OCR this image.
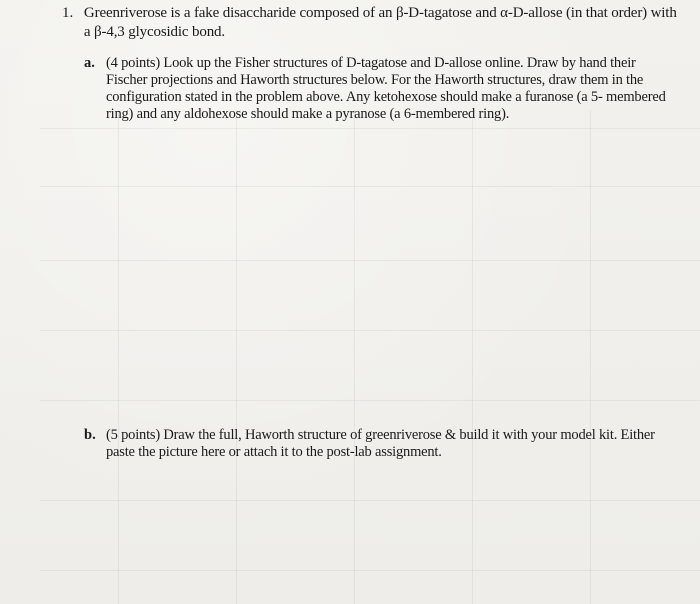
1. Greenriverose is a fake disaccharide composed of an β-D-tagatose and α-D-allose (in that order) with a β-4,3 glycosidic bond.
a. (4 points) Look up the Fisher structures of D-tagatose and D-allose online. Draw by hand their Fischer projections and Haworth structures below. For the Haworth structures, draw them in the configuration stated in the problem above. Any ketohexose should make a furanose (a 5- membered ring) and any aldohexose should make a pyranose (a 6-membered ring).
b. (5 points) Draw the full, Haworth structure of greenriverose & build it with your model kit. Either paste the picture here or attach it to the post-lab assignment.
